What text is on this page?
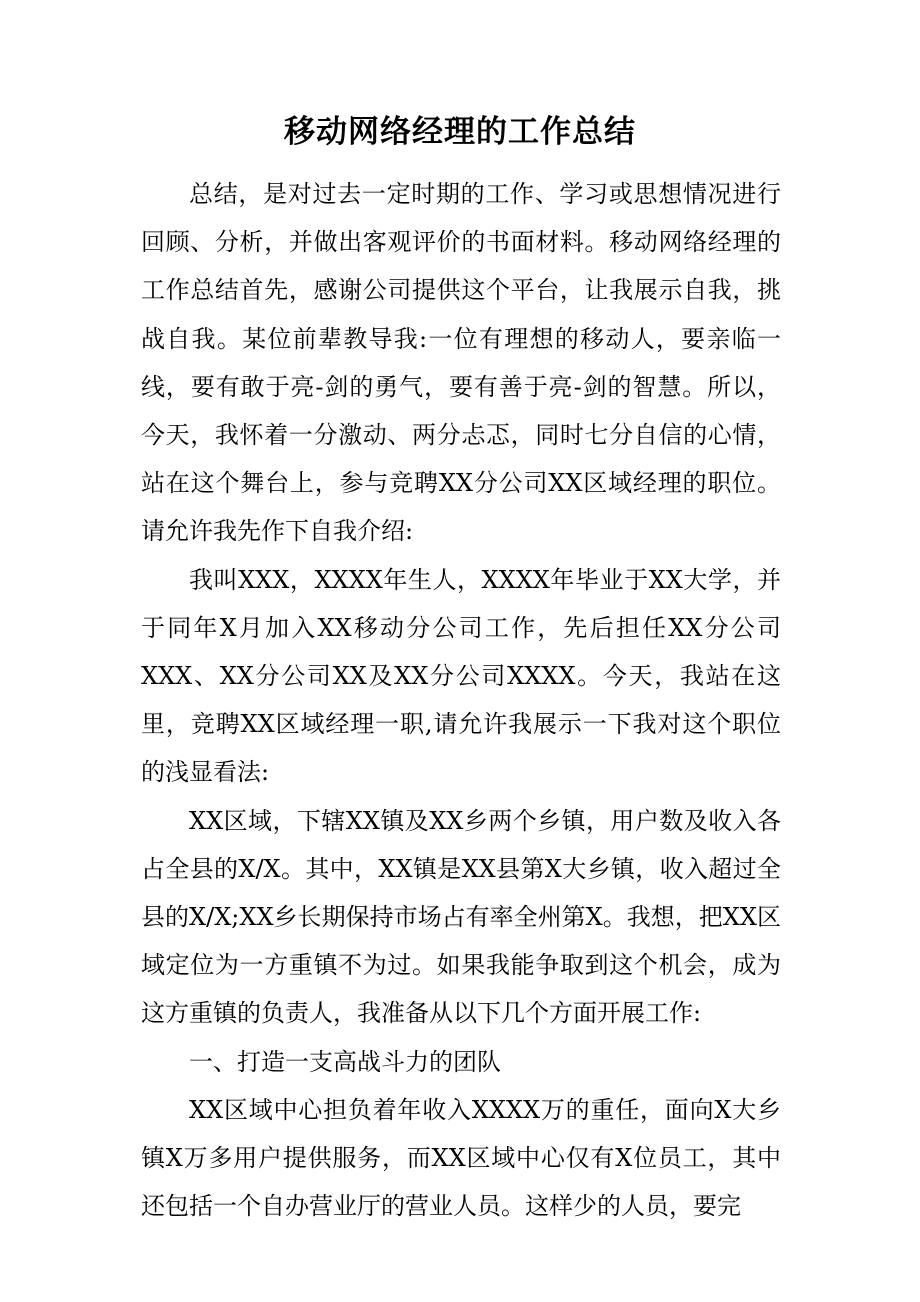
移动网络经理的工作总结

总结，是对过去一定时期的工作、学习或思想情况进行回顾、分析，并做出客观评价的书面材料。移动网络经理的工作总结首先，感谢公司提供这个平台，让我展示自我，挑战自我。某位前辈教导我:一位有理想的移动人，要亲临一线，要有敢于亮-剑的勇气，要有善于亮-剑的智慧。所以，今天，我怀着一分激动、两分忐忑，同时七分自信的心情，站在这个舞台上，参与竞聘XX分公司XX区域经理的职位。请允许我先作下自我介绍:

我叫XXX，XXXX年生人，XXXX年毕业于XX大学，并于同年X月加入XX移动分公司工作，先后担任XX分公司XXX、XX分公司XX及XX分公司XXXX。今天，我站在这里，竞聘XX区域经理一职,请允许我展示一下我对这个职位的浅显看法:

XX区域，下辖XX镇及XX乡两个乡镇，用户数及收入各占全县的X/X。其中，XX镇是XX县第X大乡镇，收入超过全县的X/X;XX乡长期保持市场占有率全州第X。我想，把XX区域定位为一方重镇不为过。如果我能争取到这个机会，成为这方重镇的负责人，我准备从以下几个方面开展工作:

一、打造一支高战斗力的团队

XX区域中心担负着年收入XXXX万的重任，面向X大乡镇X万多用户提供服务，而XX区域中心仅有X位员工，其中还包括一个自办营业厅的营业人员。这样少的人员，要完
